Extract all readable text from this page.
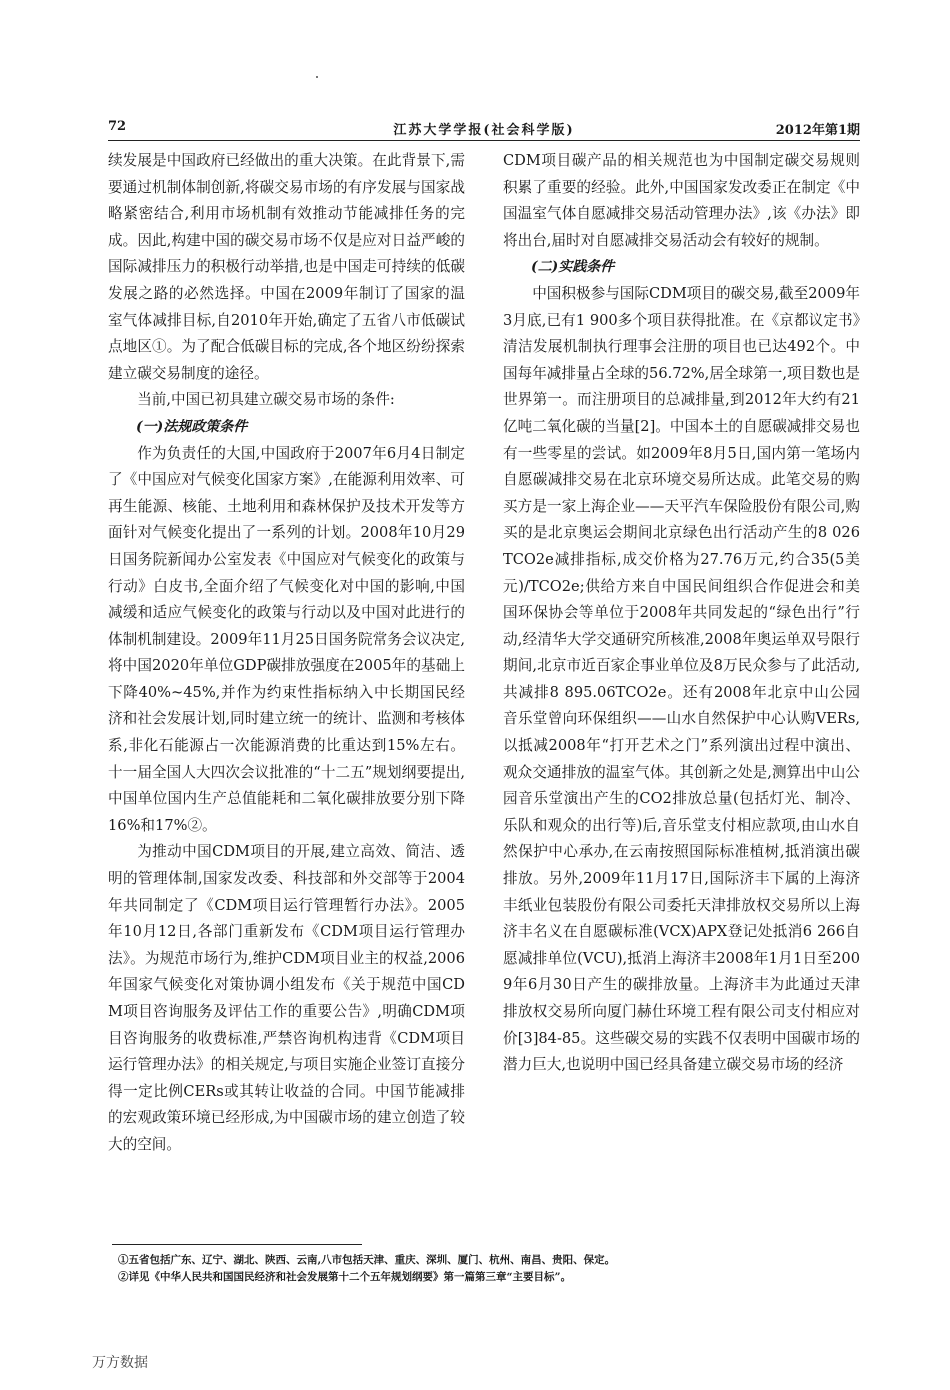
72	江苏大学学报(社会科学版)	2012年第1期

续发展是中国政府已经做出的重大决策。在此背景下,需要通过机制体制创新,将碳交易市场的有序发展与国家战略紧密结合,利用市场机制有效推动节能减排任务的完成。因此,构建中国的碳交易市场不仅是应对日益严峻的国际减排压力的积极行动举措,也是中国走可持续的低碳发展之路的必然选择。中国在2009年制订了国家的温室气体减排目标,自2010年开始,确定了五省八市低碳试点地区①。为了配合低碳目标的完成,各个地区纷纷探索建立碳交易制度的途径。

当前,中国已初具建立碳交易市场的条件:

(一)法规政策条件

作为负责任的大国,中国政府于2007年6月4日制定了《中国应对气候变化国家方案》,在能源利用效率、可再生能源、核能、土地利用和森林保护及技术开发等方面针对气候变化提出了一系列的计划。2008年10月29日国务院新闻办公室发表《中国应对气候变化的政策与行动》白皮书,全面介绍了气候变化对中国的影响,中国减缓和适应气候变化的政策与行动以及中国对此进行的体制机制建设。2009年11月25日国务院常务会议决定,将中国2020年单位GDP碳排放强度在2005年的基础上下降40%~45%,并作为约束性指标纳入中长期国民经济和社会发展计划,同时建立统一的统计、监测和考核体系,非化石能源占一次能源消费的比重达到15%左右。十一届全国人大四次会议批准的“十二五”规划纲要提出,中国单位国内生产总值能耗和二氧化碳排放要分别下降16%和17%②。

为推动中国CDM项目的开展,建立高效、简洁、透明的管理体制,国家发改委、科技部和外交部等于2004年共同制定了《CDM项目运行管理暂行办法》。2005年10月12日,各部门重新发布《CDM项目运行管理办法》。为规范市场行为,维护CDM项目业主的权益,2006年国家气候变化对策协调小组发布《关于规范中国CDM项目咨询服务及评估工作的重要公告》,明确CDM项目咨询服务的收费标准,严禁咨询机构违背《CDM项目运行管理办法》的相关规定,与项目实施企业签订直接分得一定比例CERs或其转让收益的合同。中国节能减排的宏观政策环境已经形成,为中国碳市场的建立创造了较大的空间。

CDM项目碳产品的相关规范也为中国制定碳交易规则积累了重要的经验。此外,中国国家发改委正在制定《中国温室气体自愿减排交易活动管理办法》,该《办法》即将出台,届时对自愿减排交易活动会有较好的规制。

(二)实践条件

中国积极参与国际CDM项目的碳交易,截至2009年3月底,已有1 900多个项目获得批准。在《京都议定书》清洁发展机制执行理事会注册的项目也已达492个。中国每年减排量占全球的56.72%,居全球第一,项目数也是世界第一。而注册项目的总减排量,到2012年大约有21亿吨二氧化碳的当量[2]。中国本土的自愿碳减排交易也有一些零星的尝试。如2009年8月5日,国内第一笔场内自愿碳减排交易在北京环境交易所达成。此笔交易的购买方是一家上海企业——天平汽车保险股份有限公司,购买的是北京奥运会期间北京绿色出行活动产生的8 026TCO2e减排指标,成交价格为27.76万元,约合35(5美元)/TCO2e;供给方来自中国民间组织合作促进会和美国环保协会等单位于2008年共同发起的“绿色出行”行动,经清华大学交通研究所核准,2008年奥运单双号限行期间,北京市近百家企事业单位及8万民众参与了此活动,共减排8 895.06TCO2e。还有2008年北京中山公园音乐堂曾向环保组织——山水自然保护中心认购VERs,以抵减2008年“打开艺术之门”系列演出过程中演出、观众交通排放的温室气体。其创新之处是,测算出中山公园音乐堂演出产生的CO2排放总量(包括灯光、制冷、乐队和观众的出行等)后,音乐堂支付相应款项,由山水自然保护中心承办,在云南按照国际标准植树,抵消演出碳排放。另外,2009年11月17日,国际济丰下属的上海济丰纸业包装股份有限公司委托天津排放权交易所以上海济丰名义在自愿碳标准(VCX)APX登记处抵消6 266自愿减排单位(VCU),抵消上海济丰2008年1月1日至2009年6月30日产生的碳排放量。上海济丰为此通过天津排放权交易所向厦门赫仕环境工程有限公司支付相应对价[3]84-85。这些碳交易的实践不仅表明中国碳市场的潜力巨大,也说明中国已经具备建立碳交易市场的经济

①五省包括广东、辽宁、湖北、陕西、云南,八市包括天津、重庆、深圳、厦门、杭州、南昌、贵阳、保定。
②详见《中华人民共和国国民经济和社会发展第十二个五年规划纲要》第一篇第三章“主要目标”。
万方数据
